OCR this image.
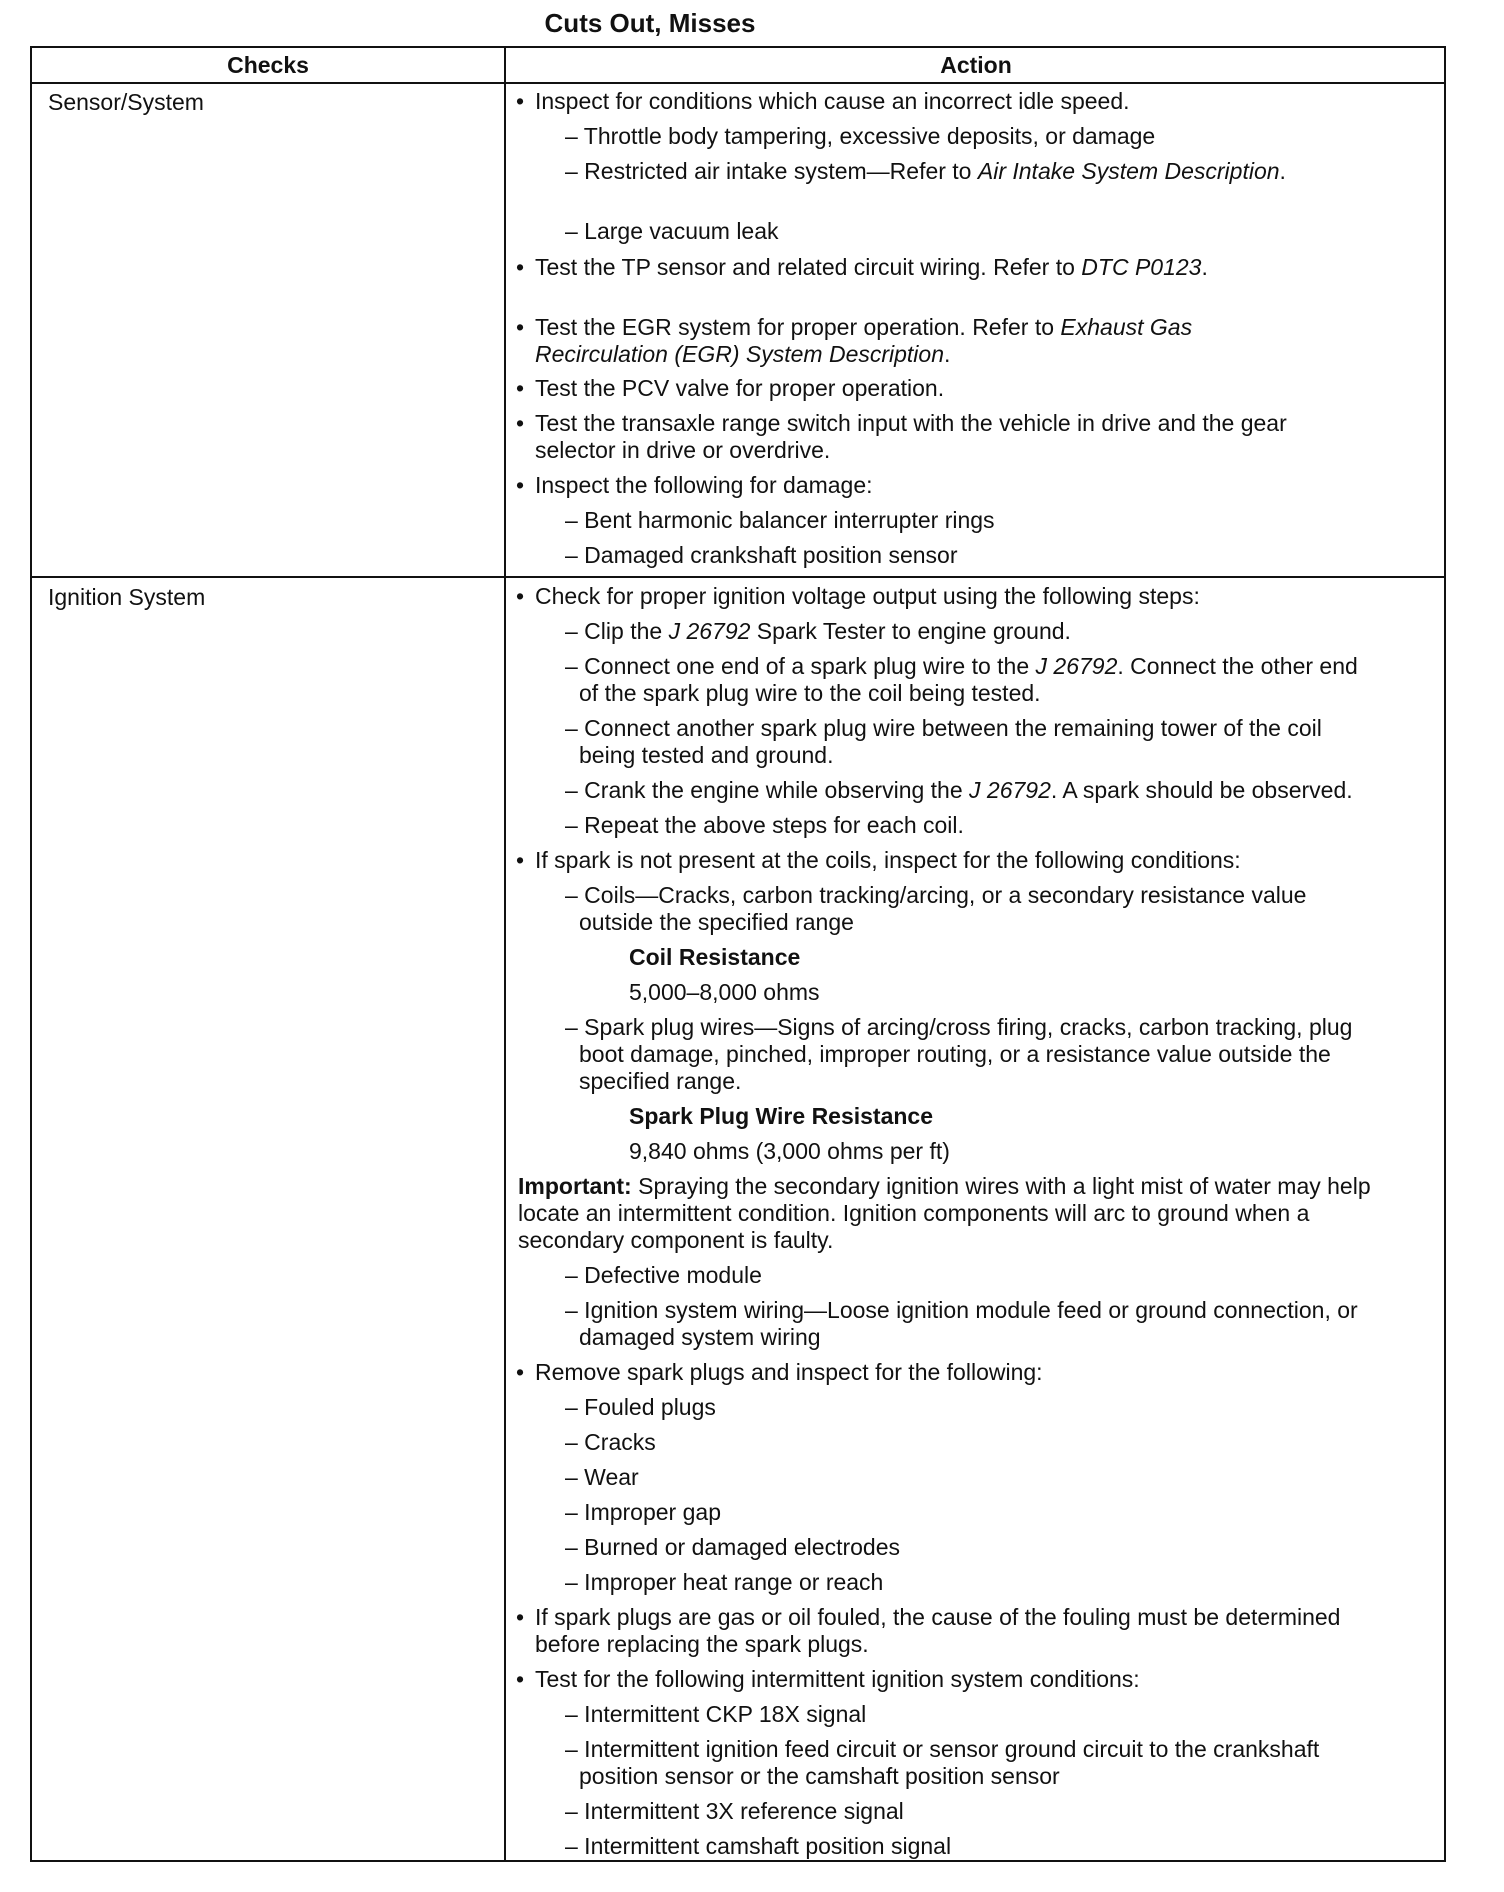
Cuts Out, Misses
Checks	Action
Sensor/System	• Inspect for conditions which cause an incorrect idle speed.
– Throttle body tampering, excessive deposits, or damage
– Restricted air intake system—Refer to Air Intake System Description.
– Large vacuum leak
• Test the TP sensor and related circuit wiring. Refer to DTC P0123.
• Test the EGR system for proper operation. Refer to Exhaust Gas
Recirculation (EGR) System Description.
• Test the PCV valve for proper operation.
• Test the transaxle range switch input with the vehicle in drive and the gear
selector in drive or overdrive.
• Inspect the following for damage:
– Bent harmonic balancer interrupter rings
– Damaged crankshaft position sensor
Ignition System	• Check for proper ignition voltage output using the following steps:
– Clip the J 26792 Spark Tester to engine ground.
– Connect one end of a spark plug wire to the J 26792. Connect the other end
of the spark plug wire to the coil being tested.
– Connect another spark plug wire between the remaining tower of the coil
being tested and ground.
– Crank the engine while observing the J 26792. A spark should be observed.
– Repeat the above steps for each coil.
• If spark is not present at the coils, inspect for the following conditions:
– Coils—Cracks, carbon tracking/arcing, or a secondary resistance value
outside the specified range
Coil Resistance
5,000–8,000 ohms
– Spark plug wires—Signs of arcing/cross firing, cracks, carbon tracking, plug
boot damage, pinched, improper routing, or a resistance value outside the
specified range.
Spark Plug Wire Resistance
9,840 ohms (3,000 ohms per ft)
Important: Spraying the secondary ignition wires with a light mist of water may help
locate an intermittent condition. Ignition components will arc to ground when a
secondary component is faulty.
– Defective module
– Ignition system wiring—Loose ignition module feed or ground connection, or
damaged system wiring
• Remove spark plugs and inspect for the following:
– Fouled plugs
– Cracks
– Wear
– Improper gap
– Burned or damaged electrodes
– Improper heat range or reach
• If spark plugs are gas or oil fouled, the cause of the fouling must be determined
before replacing the spark plugs.
• Test for the following intermittent ignition system conditions:
– Intermittent CKP 18X signal
– Intermittent ignition feed circuit or sensor ground circuit to the crankshaft
position sensor or the camshaft position sensor
– Intermittent 3X reference signal
– Intermittent camshaft position signal
